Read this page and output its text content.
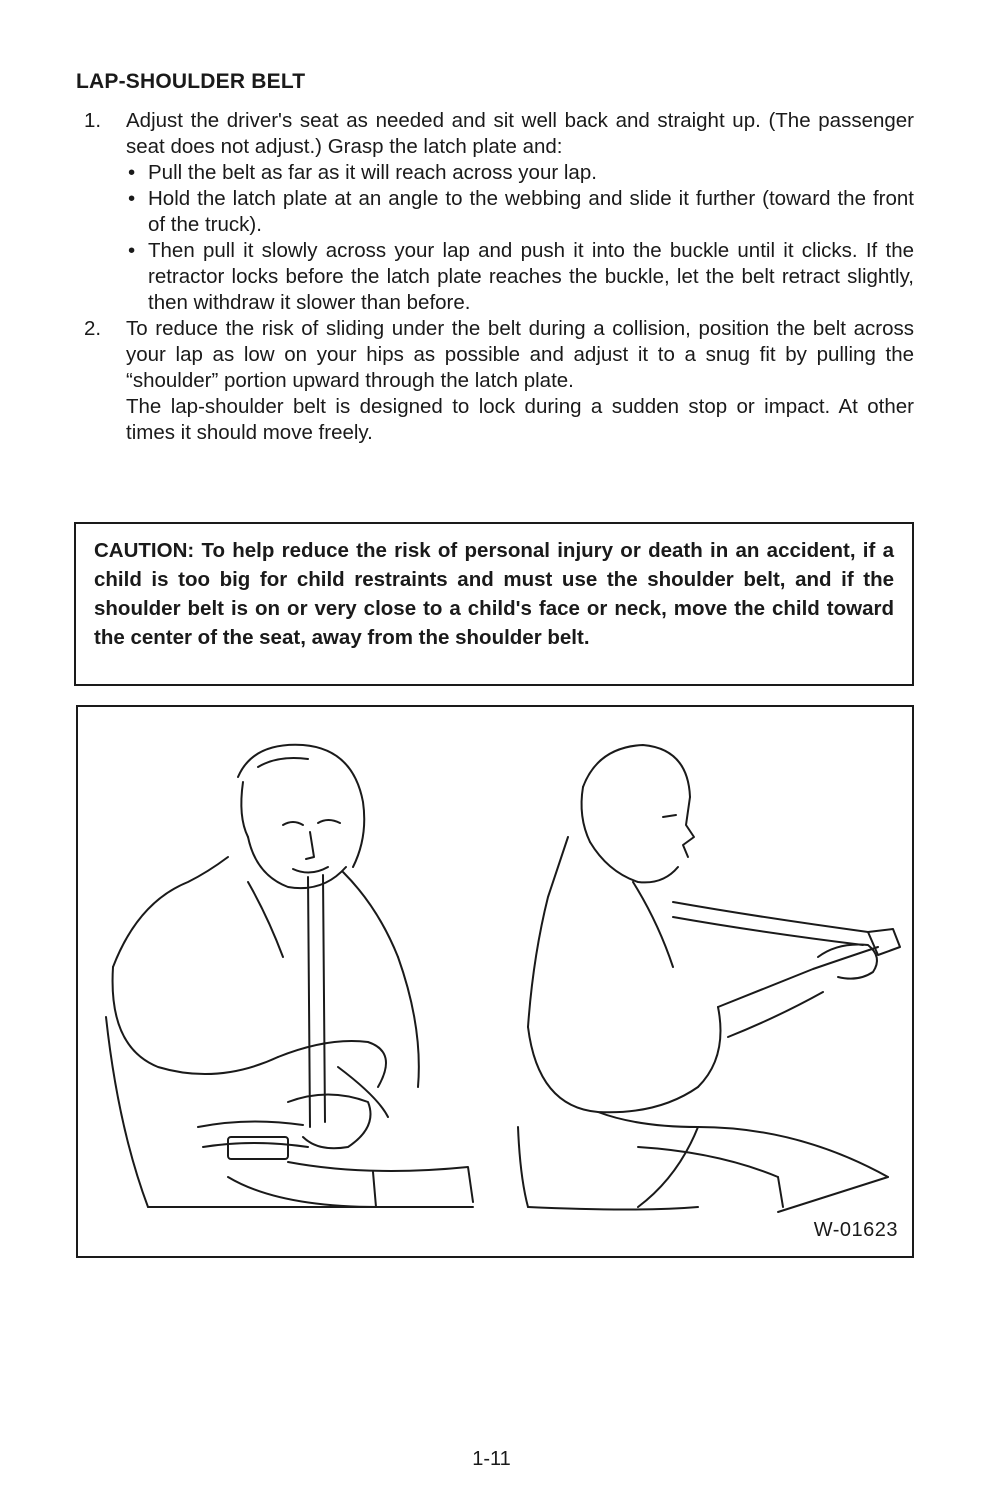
LAP-SHOULDER BELT
1. Adjust the driver's seat as needed and sit well back and straight up. (The passenger seat does not adjust.) Grasp the latch plate and:

• Pull the belt as far as it will reach across your lap.
• Hold the latch plate at an angle to the webbing and slide it further (toward the front of the truck).
• Then pull it slowly across your lap and push it into the buckle until it clicks. If the retractor locks before the latch plate reaches the buckle, let the belt retract slightly, then withdraw it slower than before.
2. To reduce the risk of sliding under the belt during a collision, position the belt across your lap as low on your hips as possible and adjust it to a snug fit by pulling the “shoulder” portion upward through the latch plate.

The lap-shoulder belt is designed to lock during a sudden stop or impact. At other times it should move freely.

CAUTION: To help reduce the risk of personal injury or death in an accident, if a child is too big for child restraints and must use the shoulder belt, and if the shoulder belt is on or very close to a child's face or neck, move the child toward the center of the seat, away from the shoulder belt.
W-01623
1-11
